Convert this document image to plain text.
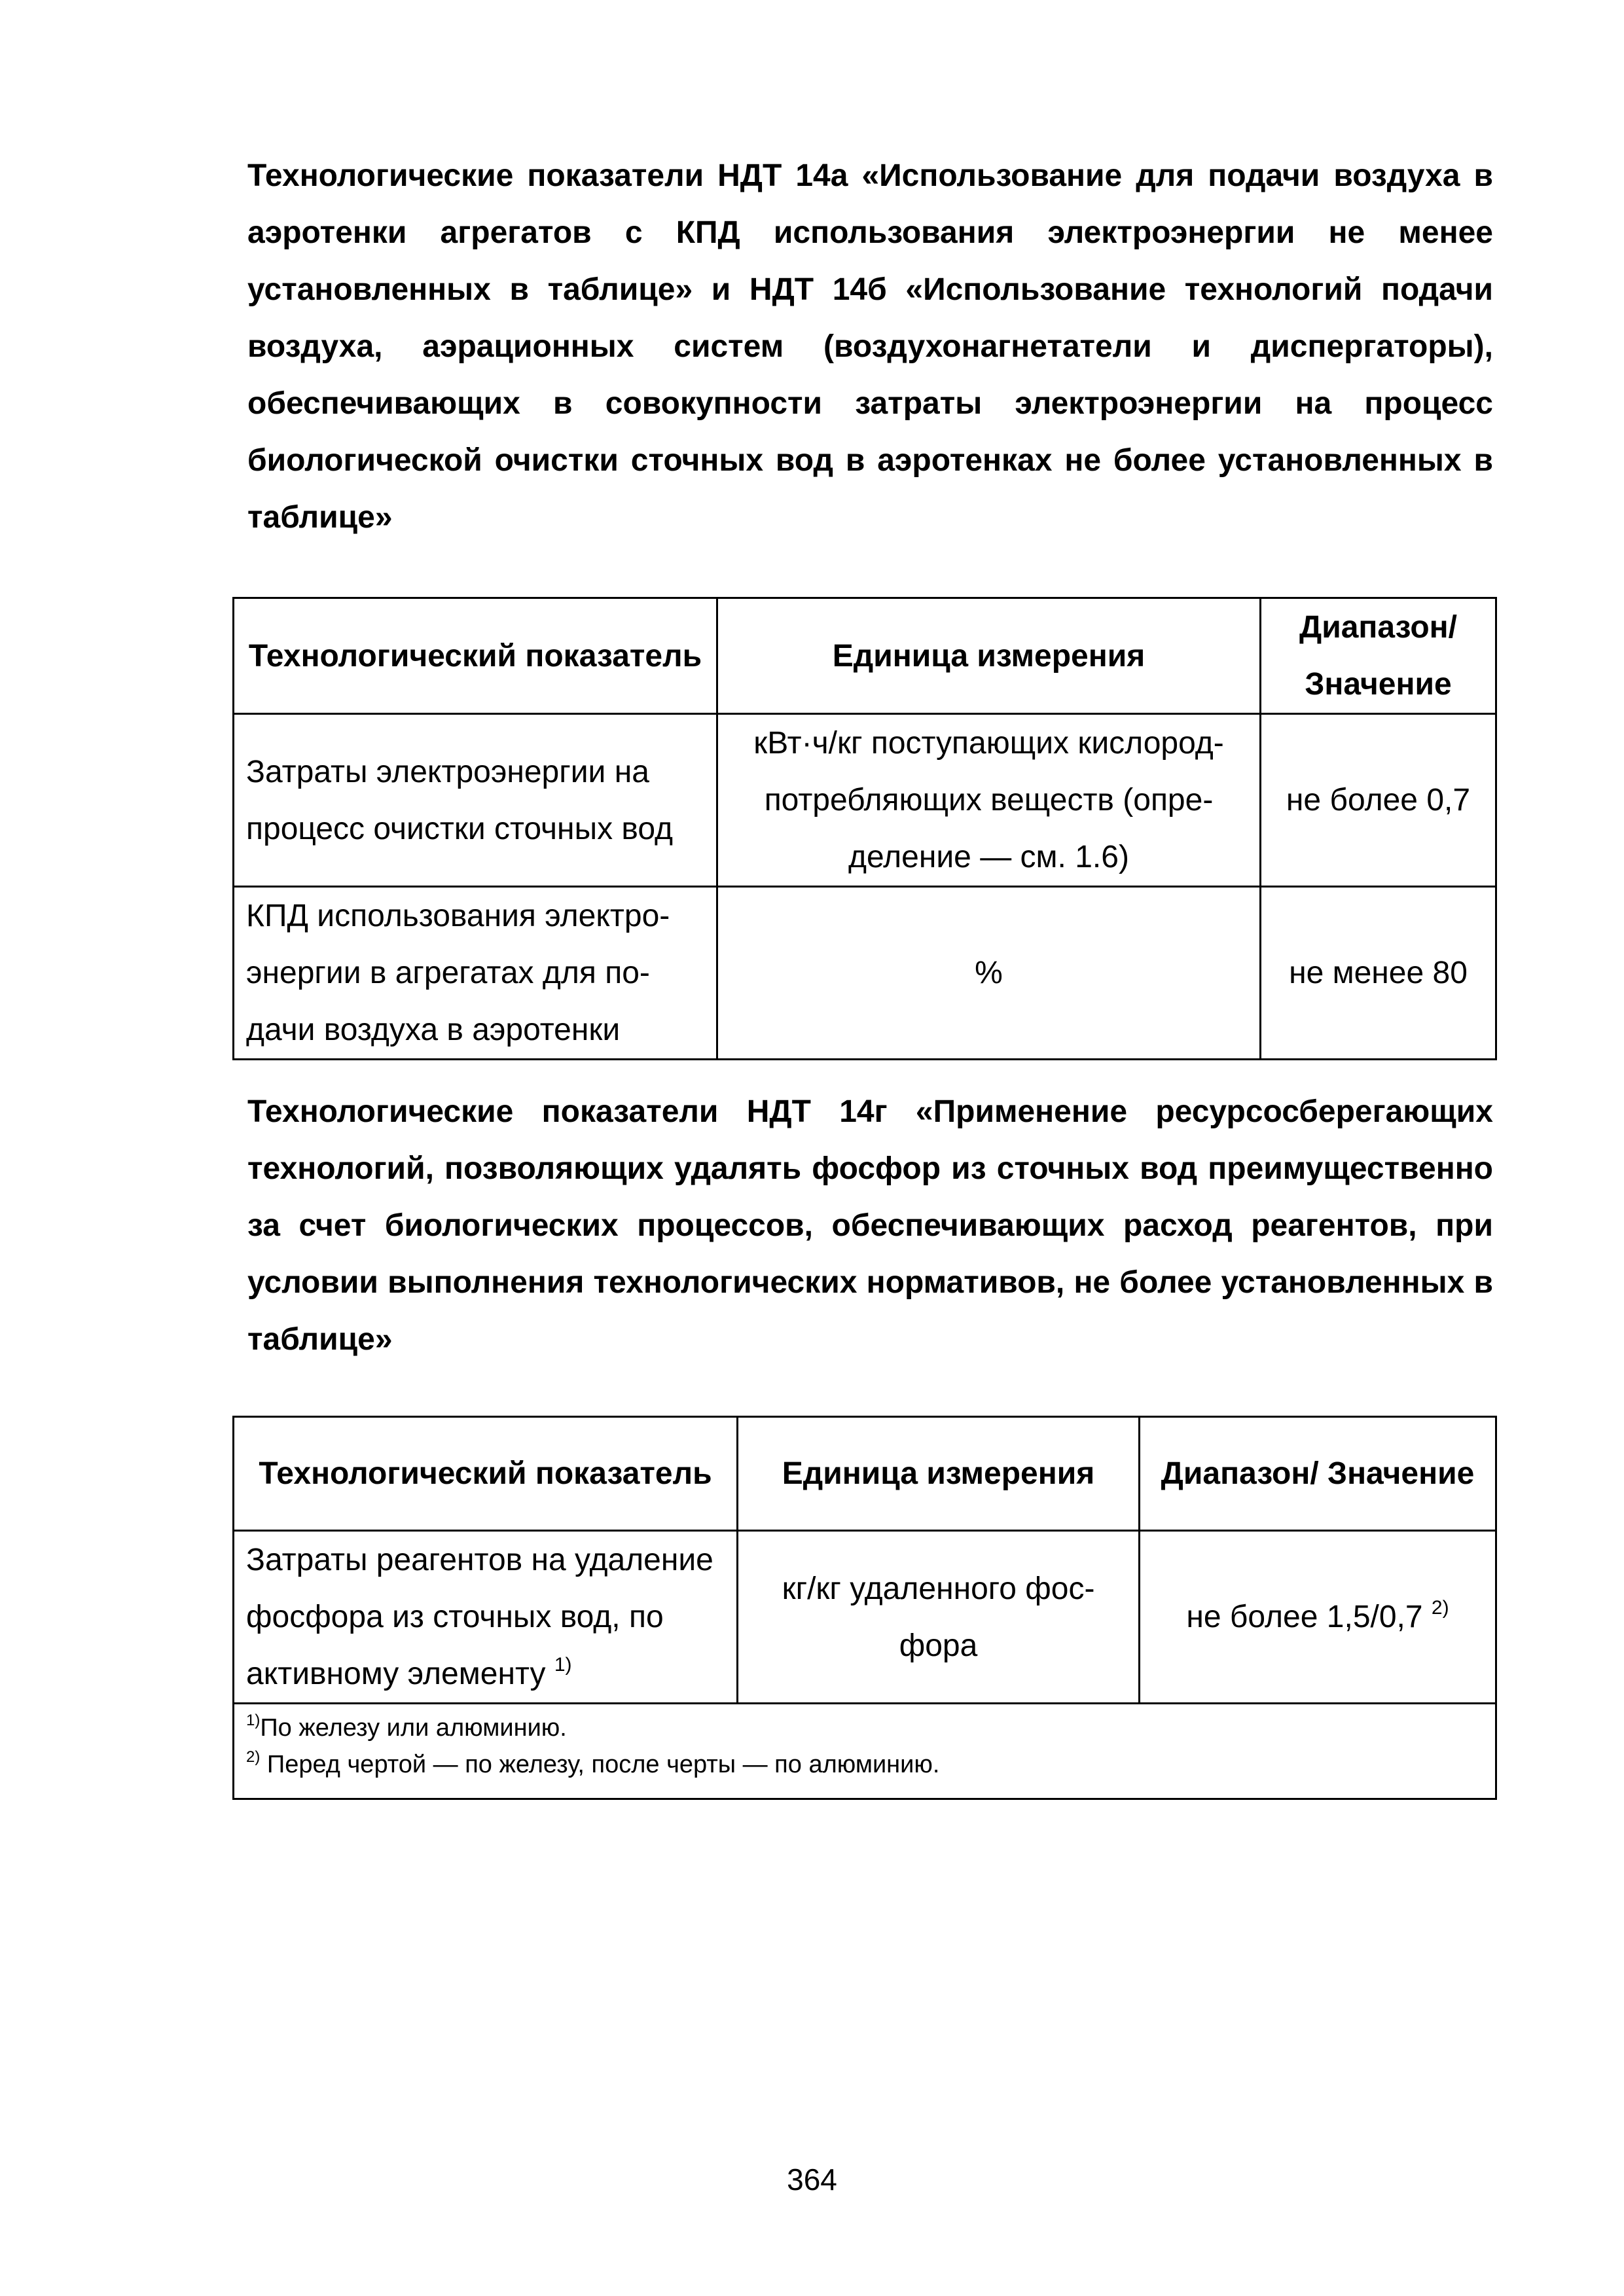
Технологические показатели НДТ 14а «Использование для подачи воздуха в аэротенки агрегатов с КПД использования электроэнергии не менее установленных в таблице» и НДТ 14б «Использование технологий подачи воздуха, аэрационных систем (воздухонагнетатели и диспергаторы), обеспечивающих в совокупности затраты электроэнергии на процесс биологической очистки сточных вод в аэротенках не более установленных в таблице»

Технологический показатель	Единица измерения	Диапазон/ Значение
Затраты электроэнергии на процесс очистки сточных вод	кВт·ч/кг поступающих кислородпотребляющих веществ (определение — см. 1.6)	не более 0,7
КПД использования электроэнергии в агрегатах для подачи воздуха в аэротенки	%	не менее 80

Технологические показатели НДТ 14г «Применение ресурсосберегающих технологий, позволяющих удалять фосфор из сточных вод преимущественно за счет биологических процессов, обеспечивающих расход реагентов, при условии выполнения технологических нормативов, не более установленных в таблице»

Технологический показатель	Единица измерения	Диапазон/ Значение
Затраты реагентов на удаление фосфора из сточных вод, по активному элементу $^{1)}$	кг/кг удаленного фосфора	не более 1,5/0,7 $^{2)}$

$^{1)}$По железу или алюминию.
$^{2)}$ Перед чертой — по железу, после черты — по алюминию.		
364
